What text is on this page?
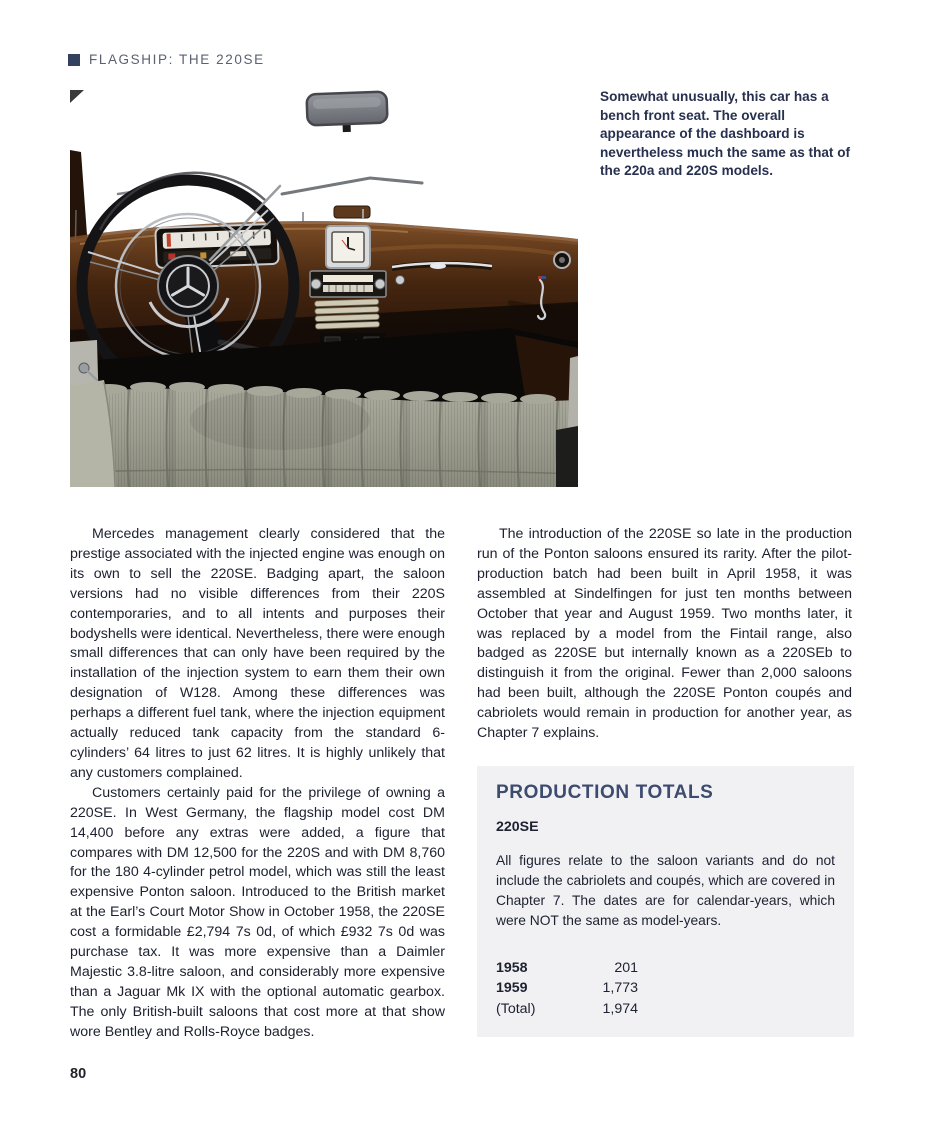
FLAGSHIP: THE 220SE
Somewhat unusually, this car has a bench front seat. The overall appearance of the dashboard is nevertheless much the same as that of the 220a and 220S models.

Mercedes management clearly considered that the prestige associated with the injected engine was enough on its own to sell the 220SE. Badging apart, the saloon versions had no visible differences from their 220S contemporaries, and to all intents and purposes their bodyshells were identical. Nevertheless, there were enough small differences that can only have been required by the installation of the injection system to earn them their own designation of W128. Among these differences was perhaps a different fuel tank, where the injection equipment actually reduced tank capacity from the standard 6-cylinders’ 64 litres to just 62 litres. It is highly unlikely that any customers complained.

Customers certainly paid for the privilege of owning a 220SE. In West Germany, the flagship model cost DM 14,400 before any extras were added, a figure that compares with DM 12,500 for the 220S and with DM 8,760 for the 180 4-cylinder petrol model, which was still the least expensive Ponton saloon. Introduced to the British market at the Earl’s Court Motor Show in October 1958, the 220SE cost a formidable £2,794 7s 0d, of which £932 7s 0d was purchase tax. It was more expensive than a Daimler Majestic 3.8-litre saloon, and considerably more expensive than a Jaguar Mk IX with the optional automatic gearbox. The only British-built saloons that cost more at that show wore Bentley and Rolls-Royce badges.

The introduction of the 220SE so late in the production run of the Ponton saloons ensured its rarity. After the pilot-production batch had been built in April 1958, it was assembled at Sindelfingen for just ten months between October that year and August 1959. Two months later, it was replaced by a model from the Fintail range, also badged as 220SE but internally known as a 220SEb to distinguish it from the original. Fewer than 2,000 saloons had been built, although the 220SE Ponton coupés and cabriolets would remain in production for another year, as Chapter 7 explains.

PRODUCTION TOTALS
220SE

All figures relate to the saloon variants and do not include the cabriolets and coupés, which are covered in Chapter 7. The dates are for calendar-years, which were NOT the same as model-years.

1958	201
1959	1,773
(Total)	1,974
80
